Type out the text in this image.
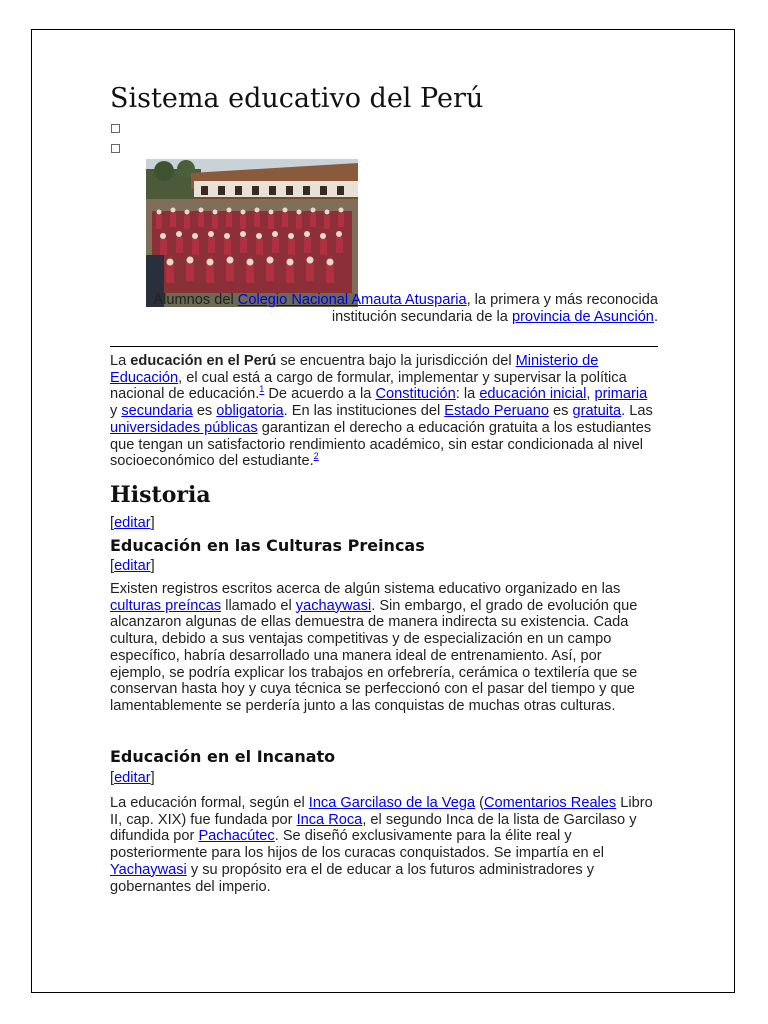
Sistema educativo del Perú
Alumnos del Colegio Nacional Amauta Atusparia, la primera y más reconocida institución secundaria de la provincia de Asunción.

La educación en el Perú se encuentra bajo la jurisdicción del Ministerio de Educación, el cual está a cargo de formular, implementar y supervisar la política nacional de educación.$^1$ De acuerdo a la Constitución: la educación inicial, primaria y secundaria es obligatoria. En las instituciones del Estado Peruano es gratuita. Las universidades públicas garantizan el derecho a educación gratuita a los estudiantes que tengan un satisfactorio rendimiento académico, sin estar condicionada al nivel socioeconómico del estudiante.$^2$

Historia
[editar]
Educación en las Culturas Preincas
[editar]

Existen registros escritos acerca de algún sistema educativo organizado en las culturas preíncas llamado el yachaywasi. Sin embargo, el grado de evolución que alcanzaron algunas de ellas demuestra de manera indirecta su existencia. Cada cultura, debido a sus ventajas competitivas y de especialización en un campo específico, habría desarrollado una manera ideal de entrenamiento. Así, por ejemplo, se podría explicar los trabajos en orfebrería, cerámica o textilería que se conservan hasta hoy y cuya técnica se perfeccionó con el pasar del tiempo y que lamentablemente se perdería junto a las conquistas de muchas otras culturas.

Educación en el Incanato
[editar]

La educación formal, según el Inca Garcilaso de la Vega (Comentarios Reales Libro II, cap. XIX) fue fundada por Inca Roca, el segundo Inca de la lista de Garcilaso y difundida por Pachacútec. Se diseñó exclusivamente para la élite real y posteriormente para los hijos de los curacas conquistados. Se impartía en el Yachaywasi y su propósito era el de educar a los futuros administradores y gobernantes del imperio.
